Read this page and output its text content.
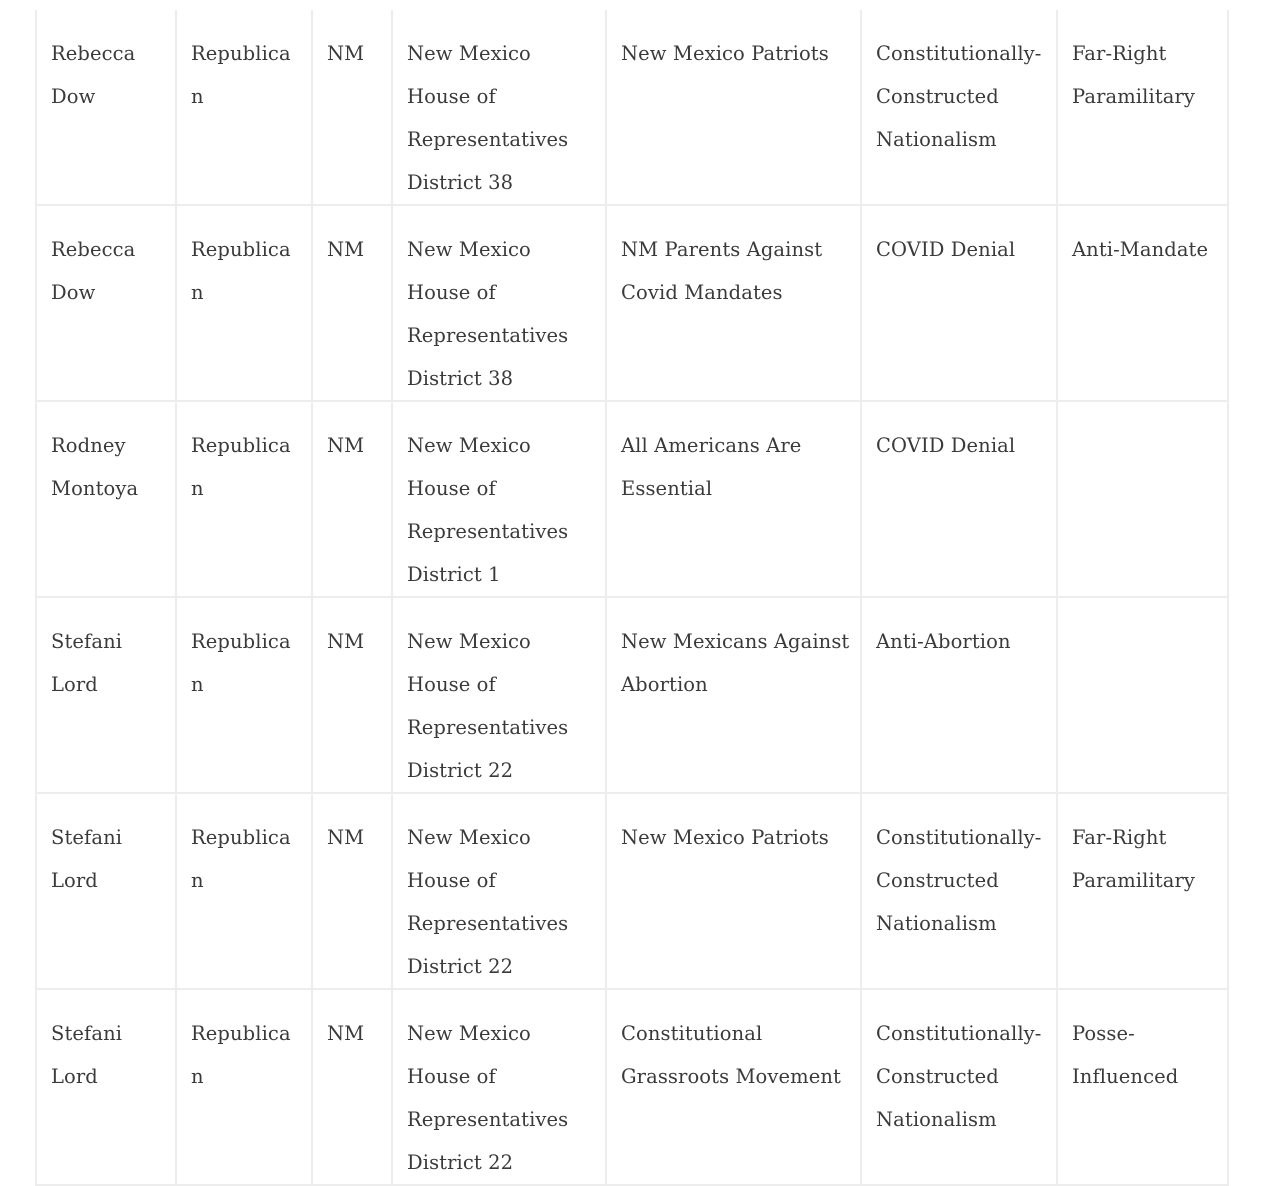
Rebecca Dow	Republican	NM	New Mexico House of Representatives District 38	New Mexico Patriots	Constitutionally-Constructed Nationalism	Far-Right Paramilitary
Rebecca Dow	Republican	NM	New Mexico House of Representatives District 38	NM Parents Against Covid Mandates	COVID Denial	Anti-Mandate
Rodney Montoya	Republican	NM	New Mexico House of Representatives District 1	All Americans Are Essential	COVID Denial	
Stefani Lord	Republican	NM	New Mexico House of Representatives District 22	New Mexicans Against Abortion	Anti-Abortion	
Stefani Lord	Republican	NM	New Mexico House of Representatives District 22	New Mexico Patriots	Constitutionally-Constructed Nationalism	Far-Right Paramilitary
Stefani Lord	Republican	NM	New Mexico House of Representatives District 22	Constitutional Grassroots Movement	Constitutionally-Constructed Nationalism	Posse-Influenced
